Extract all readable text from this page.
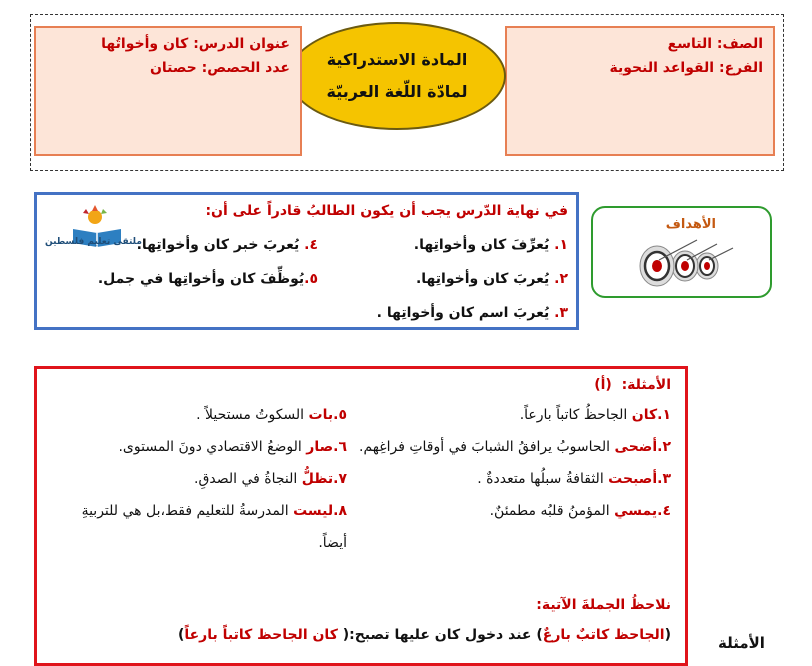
الصف: التاسع
الفرع: القواعد النحوية
المادة الاستدراكية
لمادّة اللّغة العربيّة
عنوان الدرس: كان وأخواتُها
عدد الحصص: حصتان
في نهاية الدّرس يجب أن يكون الطالبُ قادراً على أن:
ملتقى تعليم فلسطين	١. يُعرِّفَ كان وأخواتِها.
٢. يُعربَ كان وأخواتِها.
٣. يُعربَ اسم كان وأخواتِها .
٤. يُعربَ خبر كان وأخواتِها.
٥.يُوظِّفَ كان وأخواتِها في جمل.
الأهداف
الأمثلة:  (أ)
١.كان الجاحظُ كاتباً بارعاً.
٢.أضحى الحاسوبُ يرافقُ الشبابَ في أوقاتِ فراغِهم.
٣.أصبحت الثقافةُ سبلُها متعددةٌ .
٤.يمسي المؤمنُ قلبُه مطمئنٌ.
٥.بات السكوتُ مستحيلاً .
٦.صار الوضعُ الاقتصادي دونَ المستوى.
٧.تظلُّ النجاةُ في الصدقِ.
٨.ليست المدرسةُ للتعليم فقط،بل هي للتربيةِ
أيضاً.
نلاحظُ الجملةَ الآتية:
(الجاحظ كاتبٌ بارعٌ) عند دخول كان عليها تصبح:( كان الجاحظ كاتباً بارعاً)	الأمثلة
